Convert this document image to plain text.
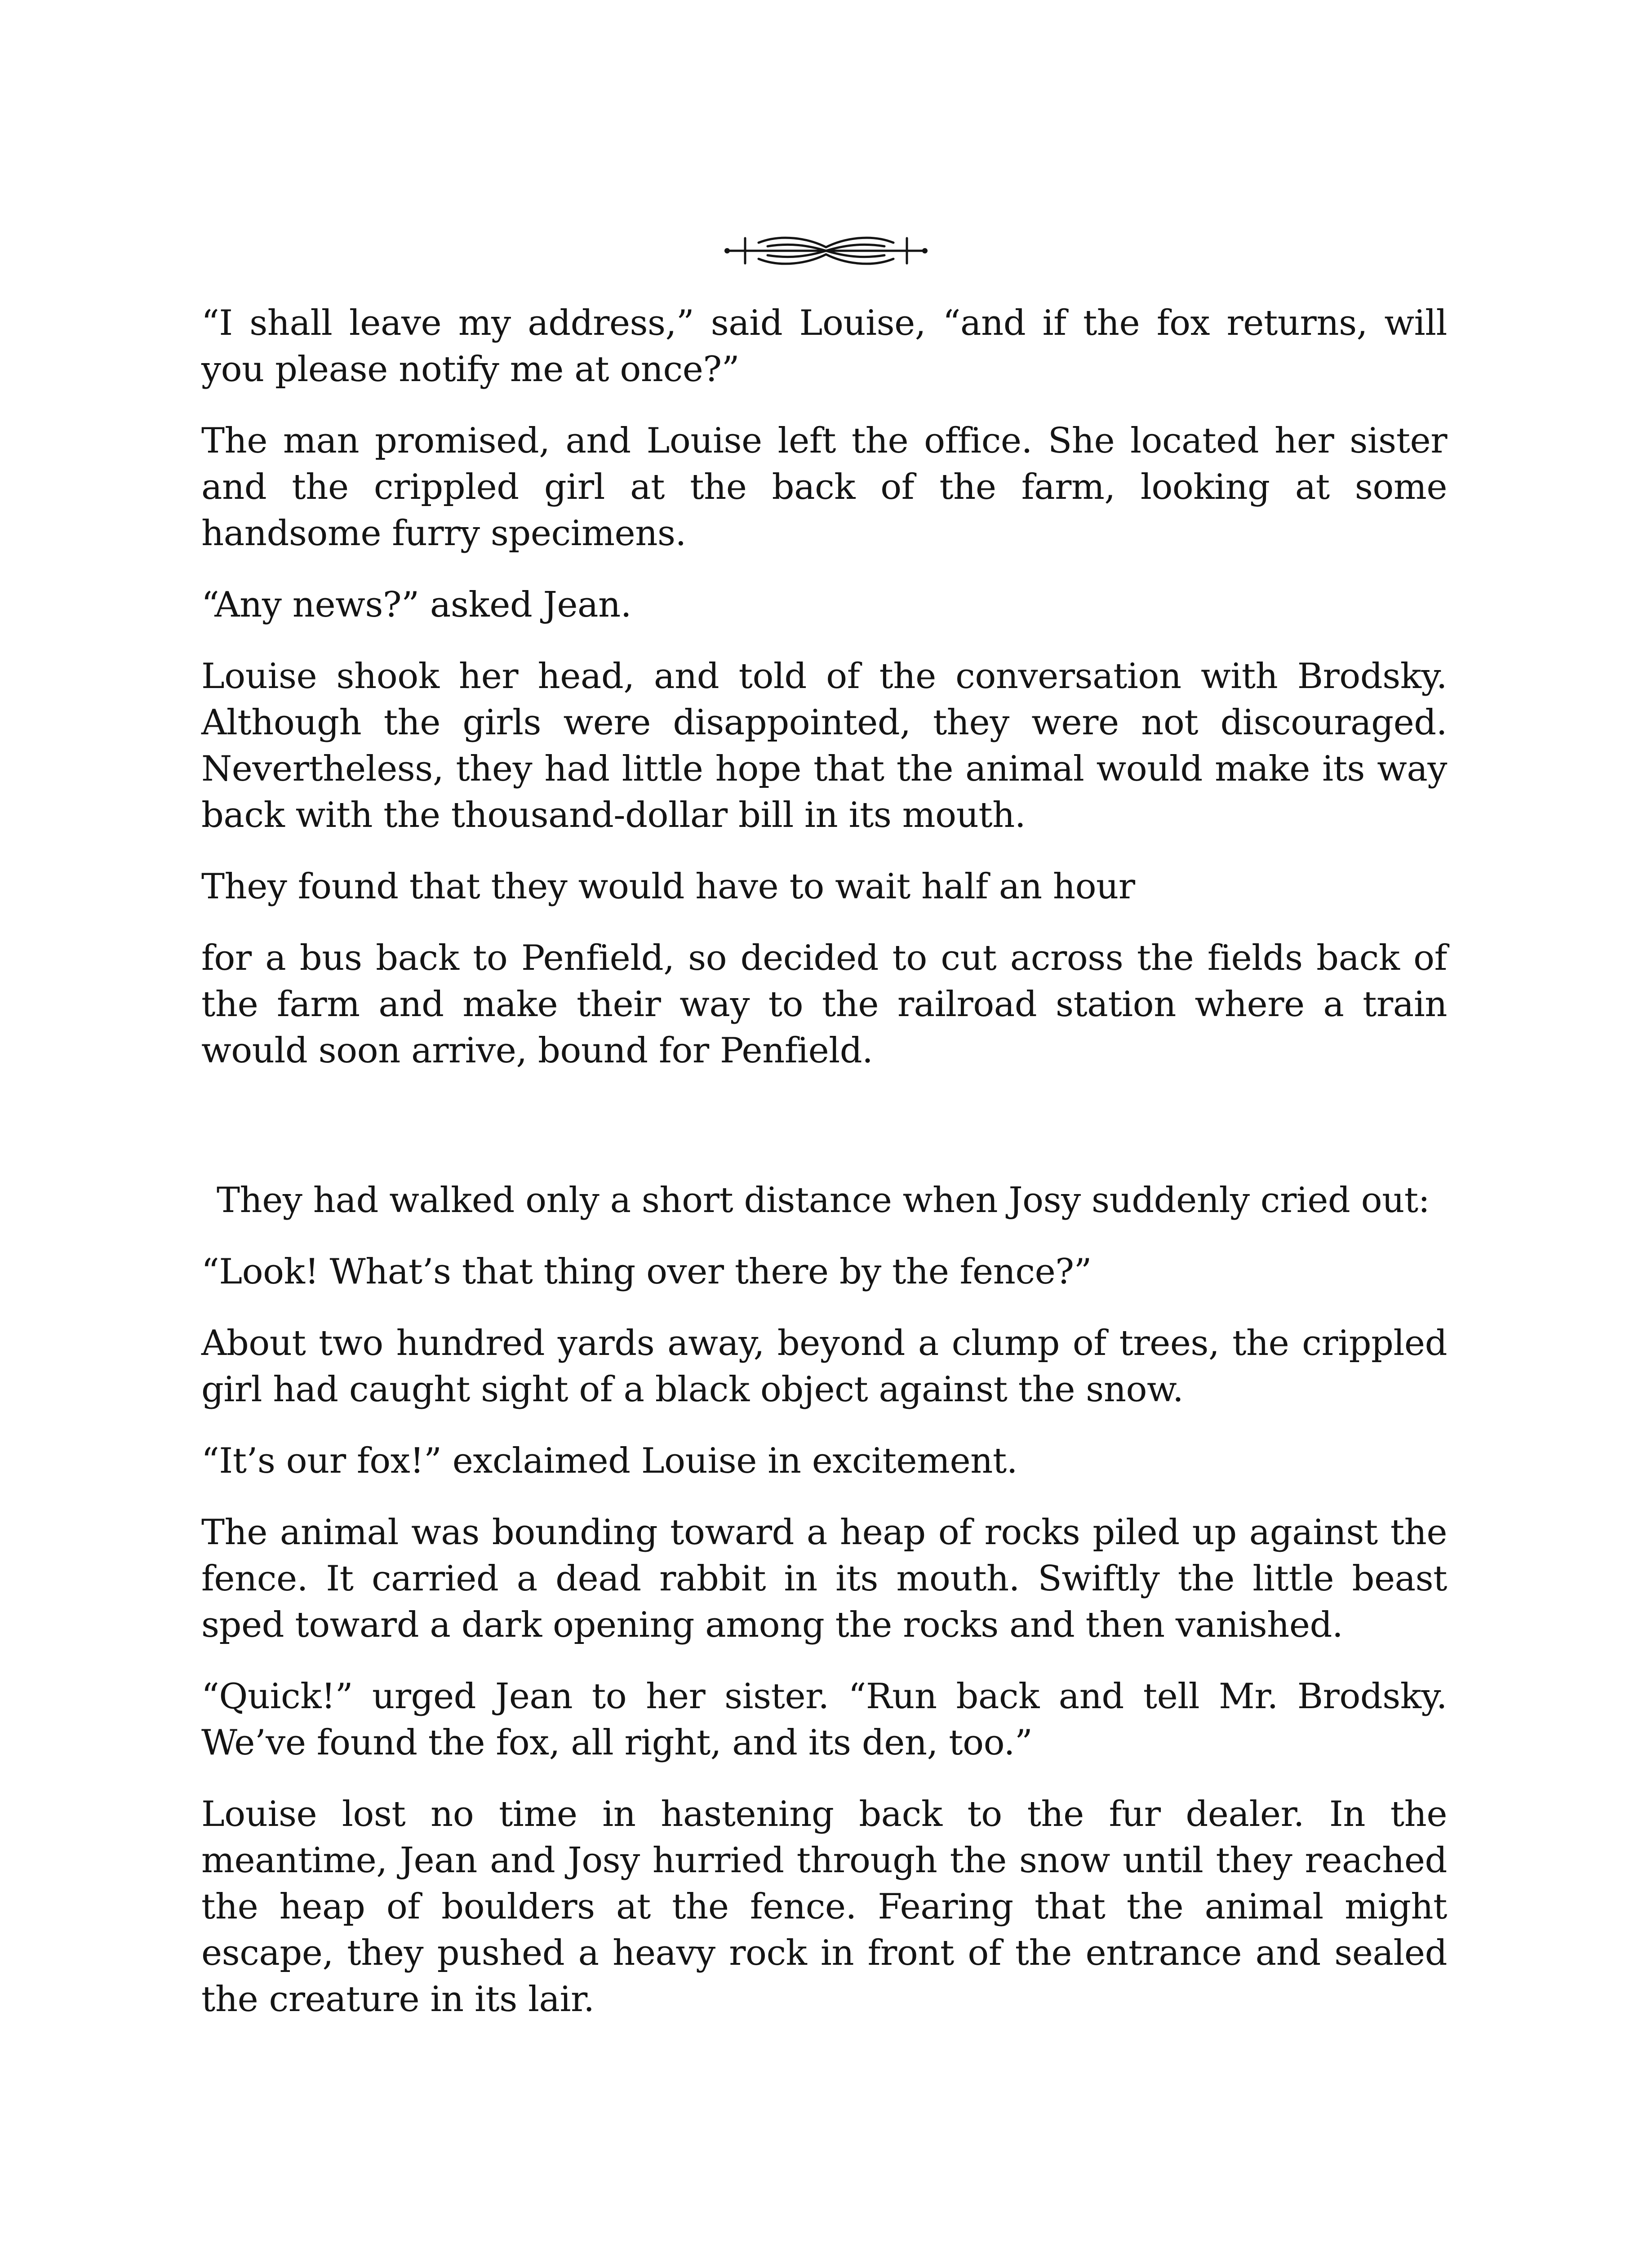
“I shall leave my address,” said Louise, “and if the fox returns, will you please notify me at once?”

The man promised, and Louise left the office. She located her sister and the crippled girl at the back of the farm, looking at some handsome furry specimens.

“Any news?” asked Jean.

Louise shook her head, and told of the conversation with Brodsky. Although the girls were disappointed, they were not discouraged. Nevertheless, they had little hope that the animal would make its way back with the thousand-dollar bill in its mouth.

They found that they would have to wait half an hour

for a bus back to Penfield, so decided to cut across the fields back of the farm and make their way to the railroad station where a train would soon arrive, bound for Penfield.

They had walked only a short distance when Josy suddenly cried out:

“Look! What’s that thing over there by the fence?”

About two hundred yards away, beyond a clump of trees, the crippled girl had caught sight of a black object against the snow.

“It’s our fox!” exclaimed Louise in excitement.

The animal was bounding toward a heap of rocks piled up against the fence. It carried a dead rabbit in its mouth. Swiftly the little beast sped toward a dark opening among the rocks and then vanished.

“Quick!” urged Jean to her sister. “Run back and tell Mr. Brodsky. We’ve found the fox, all right, and its den, too.”

Louise lost no time in hastening back to the fur dealer. In the meantime, Jean and Josy hurried through the snow until they reached the heap of boulders at the fence. Fearing that the animal might escape, they pushed a heavy rock in front of the entrance and sealed the creature in its lair.
